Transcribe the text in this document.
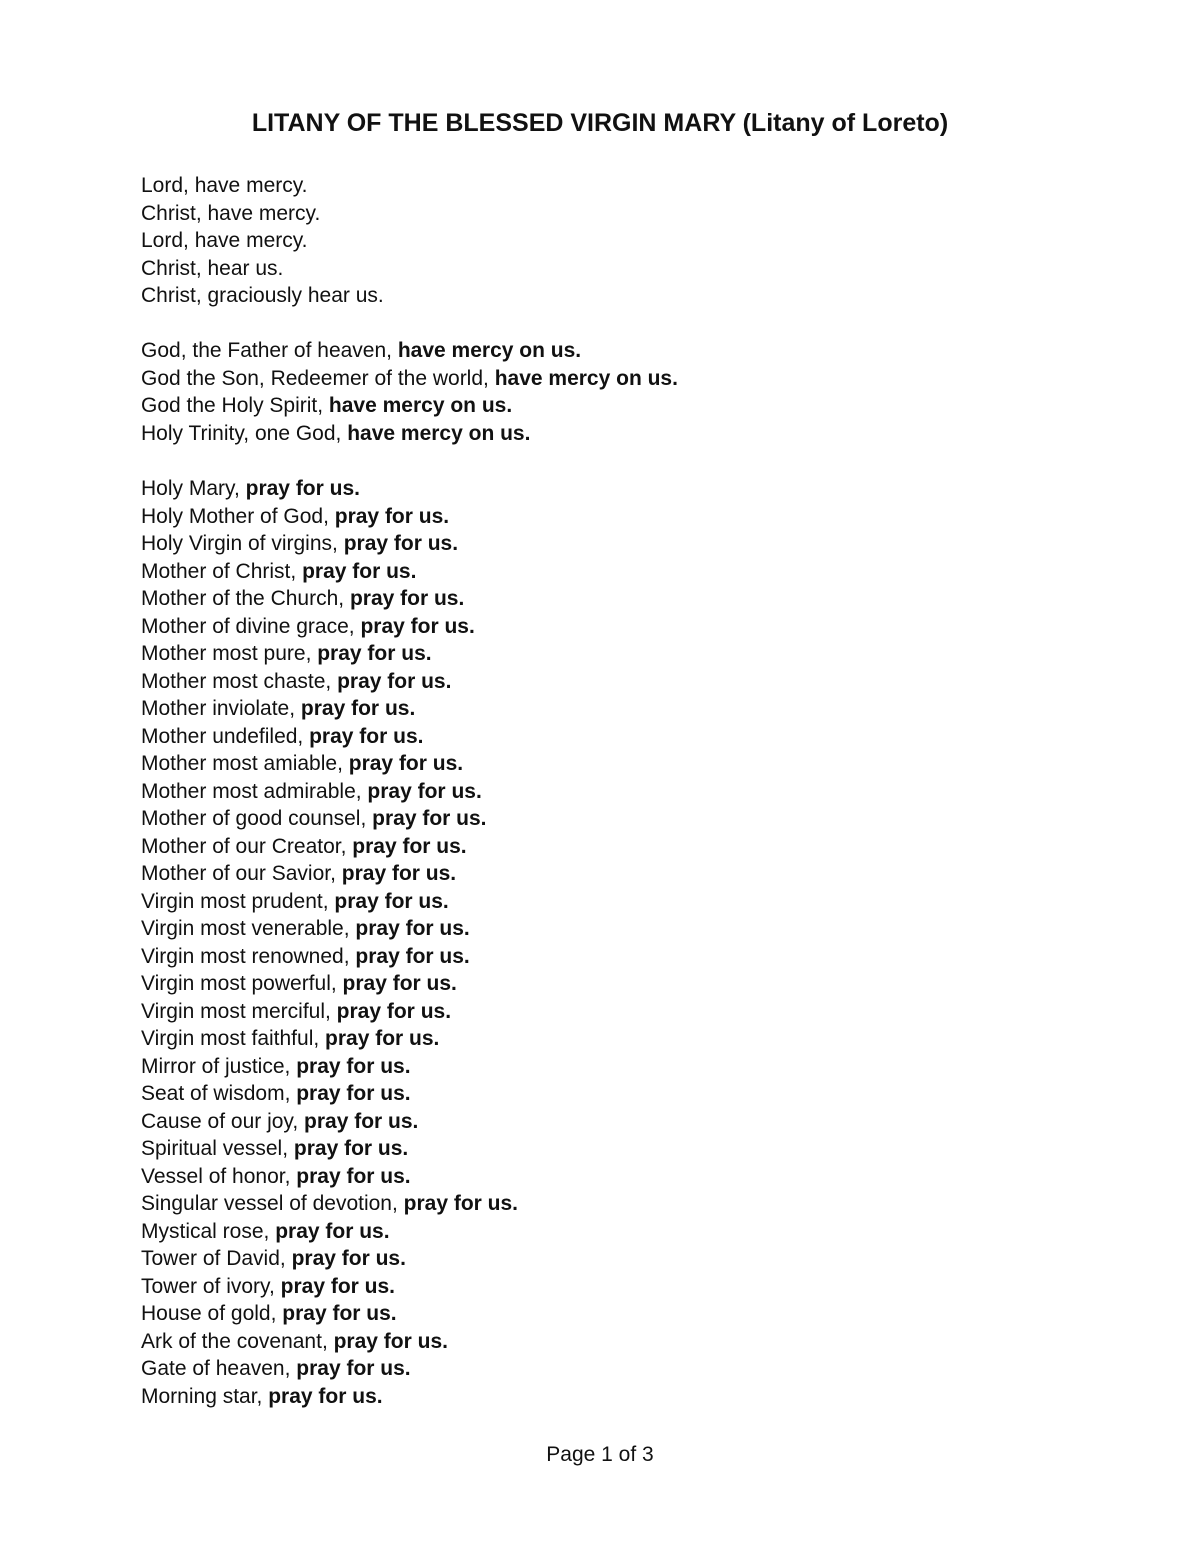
LITANY OF THE BLESSED VIRGIN MARY (Litany of Loreto)
Lord, have mercy.
Christ, have mercy.
Lord, have mercy.
Christ, hear us.
Christ, graciously hear us.
God, the Father of heaven, have mercy on us.
God the Son, Redeemer of the world, have mercy on us.
God the Holy Spirit, have mercy on us.
Holy Trinity, one God, have mercy on us.
Holy Mary, pray for us.
Holy Mother of God, pray for us.
Holy Virgin of virgins, pray for us.
Mother of Christ, pray for us.
Mother of the Church, pray for us.
Mother of divine grace, pray for us.
Mother most pure, pray for us.
Mother most chaste, pray for us.
Mother inviolate, pray for us.
Mother undefiled, pray for us.
Mother most amiable, pray for us.
Mother most admirable, pray for us.
Mother of good counsel, pray for us.
Mother of our Creator, pray for us.
Mother of our Savior, pray for us.
Virgin most prudent, pray for us.
Virgin most venerable, pray for us.
Virgin most renowned, pray for us.
Virgin most powerful, pray for us.
Virgin most merciful, pray for us.
Virgin most faithful, pray for us.
Mirror of justice, pray for us.
Seat of wisdom, pray for us.
Cause of our joy, pray for us.
Spiritual vessel, pray for us.
Vessel of honor, pray for us.
Singular vessel of devotion, pray for us.
Mystical rose, pray for us.
Tower of David, pray for us.
Tower of ivory, pray for us.
House of gold, pray for us.
Ark of the covenant, pray for us.
Gate of heaven, pray for us.
Morning star, pray for us.
Page 1 of 3
